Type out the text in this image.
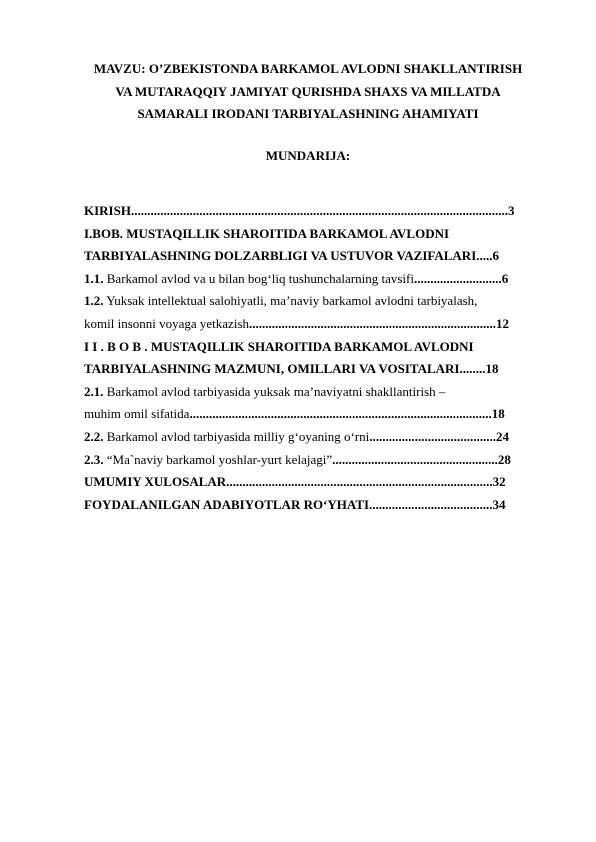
MAVZU: O’ZBEKISTONDA BARKAMOL AVLODNI SHAKLLANTIRISH
VA MUTARAQQIY JAMIYAT QURISHDA SHAXS VA MILLATDA
SAMARALI IRODANI TARBIYALASHNING AHAMIYATI
MUNDARIJA:
KIRISH....................................................................................................................3
I.BOB. MUSTAQILLIK SHAROITIDA BARKAMOL AVLODNI
TARBIYALASHNING DOLZARBLIGI VA USTUVOR VAZIFALARI.....6
1.1. Barkamol avlod va u bilan bog‘liq tushunchalarning tavsifi...........................6
1.2. Yuksak intellektual salohiyatli, ma’naviy barkamol avlodni tarbiyalash,
komil insonni voyaga yetkazish............................................................................12
I I . B O B . MUSTAQILLIK SHAROITIDA BARKAMOL AVLODNI
TARBIYALASHNING MAZMUNI, OMILLARI VA VOSITALARI........18
2.1. Barkamol avlod tarbiyasida yuksak ma’naviyatni shakllantirish –
muhim omil sifatida.............................................................................................18
2.2. Barkamol avlod tarbiyasida milliy g‘oyaning o‘rni.......................................24
2.3. “Ma`naviy barkamol yoshlar-yurt kelajagi”...................................................28
UMUMIY XULOSALAR..................................................................................32
FOYDALANILGAN ADABIYOTLAR RO‘YHATI......................................34
